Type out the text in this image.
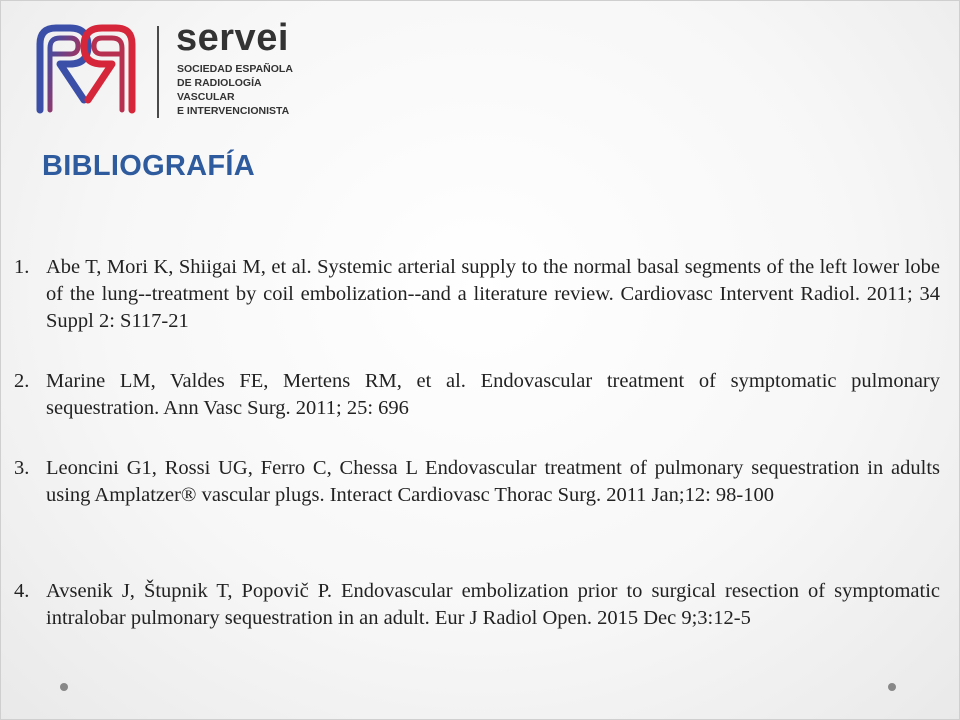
servei
SOCIEDAD ESPAÑOLA
DE RADIOLOGÍA
VASCULAR
E INTERVENCIONISTA
BIBLIOGRAFÍA
1. Abe T, Mori K, Shiigai M, et al. Systemic arterial supply to the normal basal segments of the left lower lobe of the lung--treatment by coil embolization--and a literature review. Cardiovasc Intervent Radiol. 2011; 34 Suppl 2: S117-21
2. Marine LM, Valdes FE, Mertens RM, et al. Endovascular treatment of symptomatic pulmonary sequestration. Ann Vasc Surg. 2011; 25: 696
3. Leoncini G1, Rossi UG, Ferro C, Chessa L Endovascular treatment of pulmonary sequestration in adults using Amplatzer® vascular plugs. Interact Cardiovasc Thorac Surg. 2011 Jan;12: 98-100
4. Avsenik J, Štupnik T, Popovič P. Endovascular embolization prior to surgical resection of symptomatic intralobar pulmonary sequestration in an adult. Eur J Radiol Open. 2015 Dec 9;3:12-5
